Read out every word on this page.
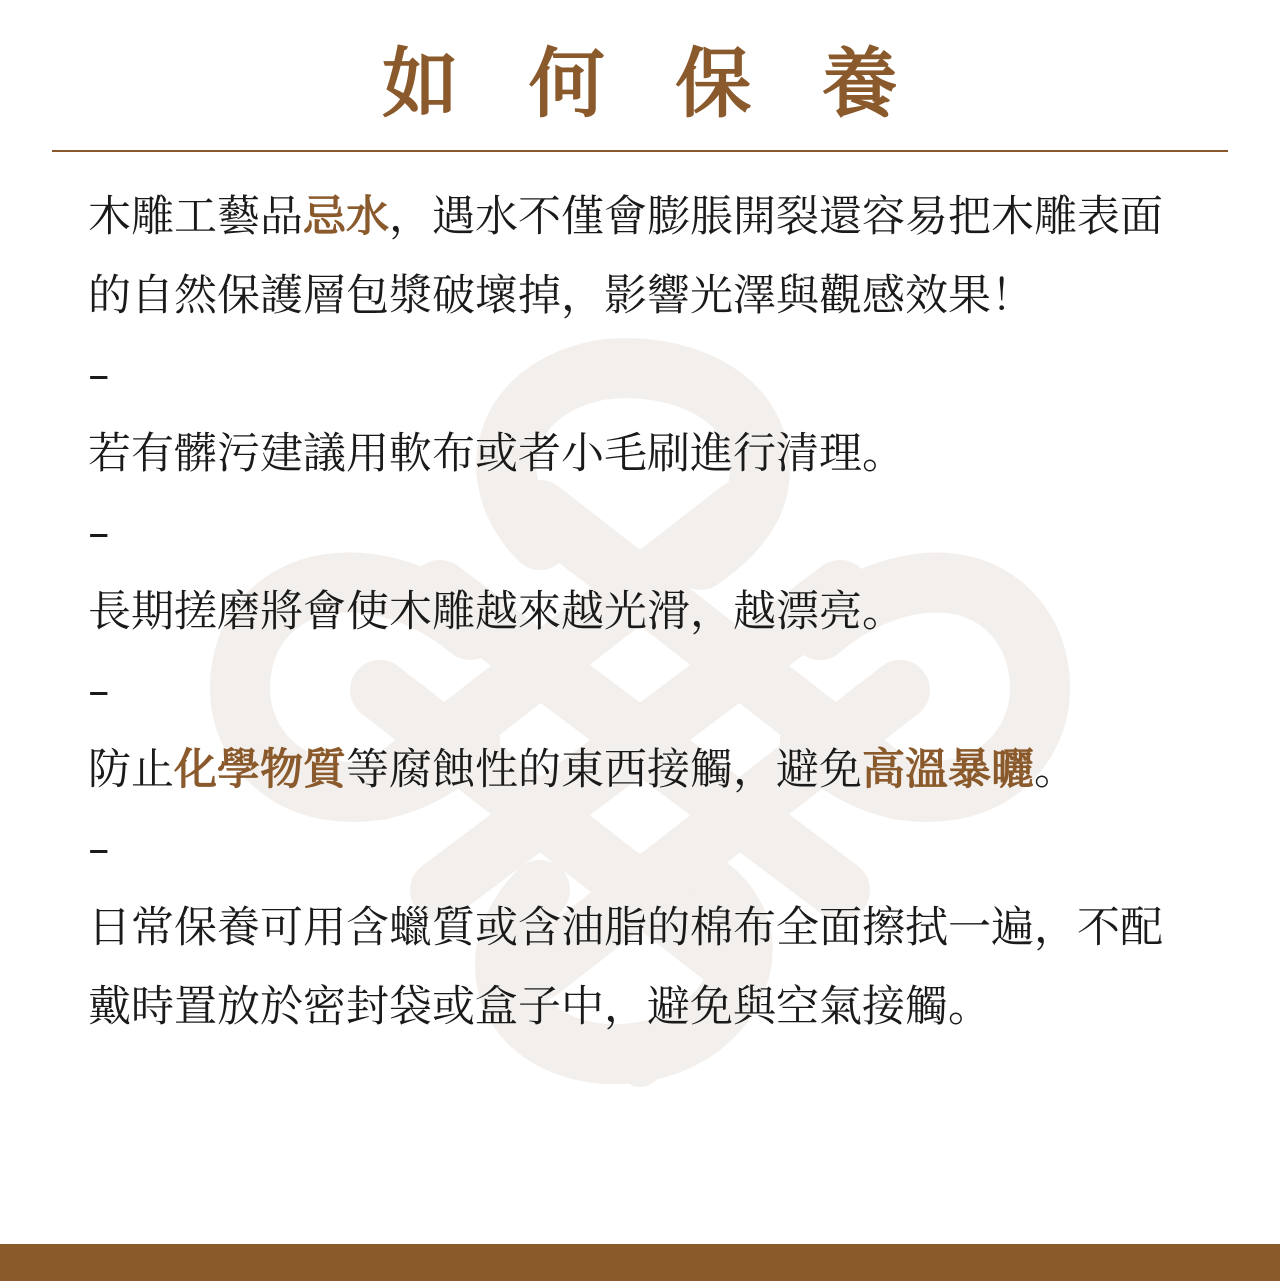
如 何 保 養

木雕工藝品忌水，遇水不僅會膨脹開裂還容易把木雕表面的自然保護層包漿破壞掉，影響光澤與觀感效果！

–

若有髒污建議用軟布或者小毛刷進行清理。

–

長期搓磨將會使木雕越來越光滑，越漂亮。

–

防止化學物質等腐蝕性的東西接觸，避免高溫暴曬。

–

日常保養可用含蠟質或含油脂的棉布全面擦拭一遍，不配戴時置放於密封袋或盒子中，避免與空氣接觸。
